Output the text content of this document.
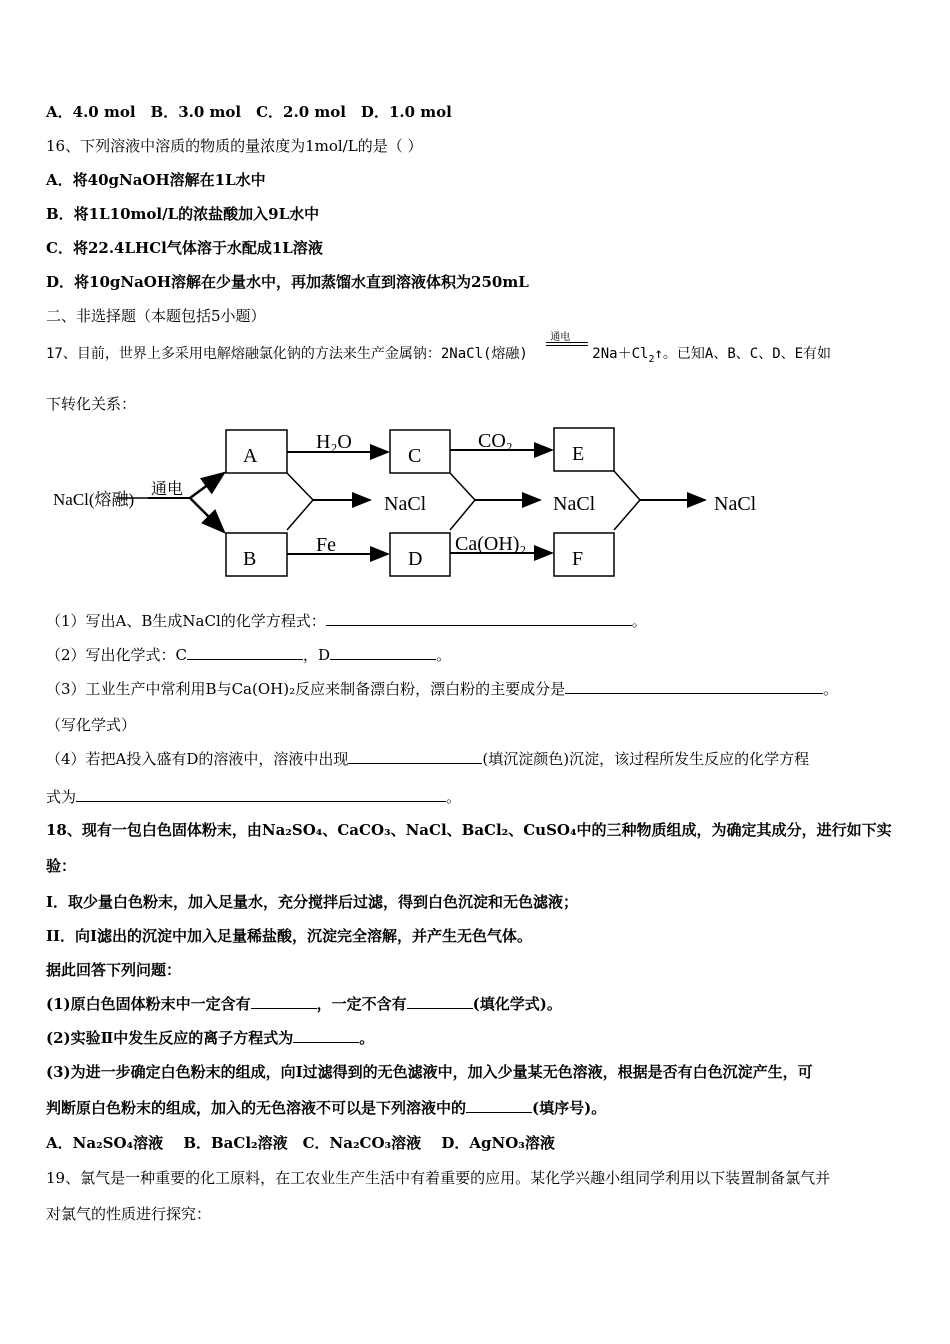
A．4.0 mol　B．3.0 mol　C．2.0 mol　D．1.0 mol
16、下列溶液中溶质的物质的量浓度为1mol/L的是（ ）
A．将40gNaOH溶解在1L水中
B．将1L10mol/L的浓盐酸加入9L水中
C．将22.4LHCl气体溶于水配成1L溶液
D．将10gNaOH溶解在少量水中，再加蒸馏水直到溶液体积为250mL
二、非选择题（本题包括5小题）
17、目前，世界上多采用电解熔融氯化钠的方法来生产金属钠：2NaCl(熔融)
通电
$2Na+Cl_2↑$。已知A、B、C、D、E有如
下转化关系：
A
B
C
D
E
F
H₂O	CO₂
Fe	Ca(OH)₂
NaCl	NaCl	NaCl
NaCl(熔融)
通电
（1）写出A、B生成NaCl的化学方程式：	。
（2）写出化学式：C	，D	。
（3）工业生产中常利用B与Ca(OH)₂反应来制备漂白粉，漂白粉的主要成分是	。
（写化学式）
（4）若把A投入盛有D的溶液中，溶液中出现	(填沉淀颜色)沉淀，该过程所发生反应的化学方程
式为	。
18、现有一包白色固体粉末，由Na₂SO₄、CaCO₃、NaCl、BaCl₂、CuSO₄中的三种物质组成，为确定其成分，进行如下实
验：
I．取少量白色粉末，加入足量水，充分搅拌后过滤，得到白色沉淀和无色滤液；
II．向Ⅰ滤出的沉淀中加入足量稀盐酸，沉淀完全溶解，并产生无色气体。
据此回答下列问题：
(1)原白色固体粉末中一定含有	，一定不含有	(填化学式)。
(2)实验Ⅱ中发生反应的离子方程式为	。
(3)为进一步确定白色粉末的组成，向Ⅰ过滤得到的无色滤液中，加入少量某无色溶液，根据是否有白色沉淀产生，可
判断原白色粉末的组成，加入的无色溶液不可以是下列溶液中的	(填序号)。
A．Na₂SO₄溶液　 B．BaCl₂溶液　C．Na₂CO₃溶液　 D．AgNO₃溶液
19、氯气是一种重要的化工原料，在工农业生产生活中有着重要的应用。某化学兴趣小组同学利用以下装置制备氯气并
对氯气的性质进行探究：
